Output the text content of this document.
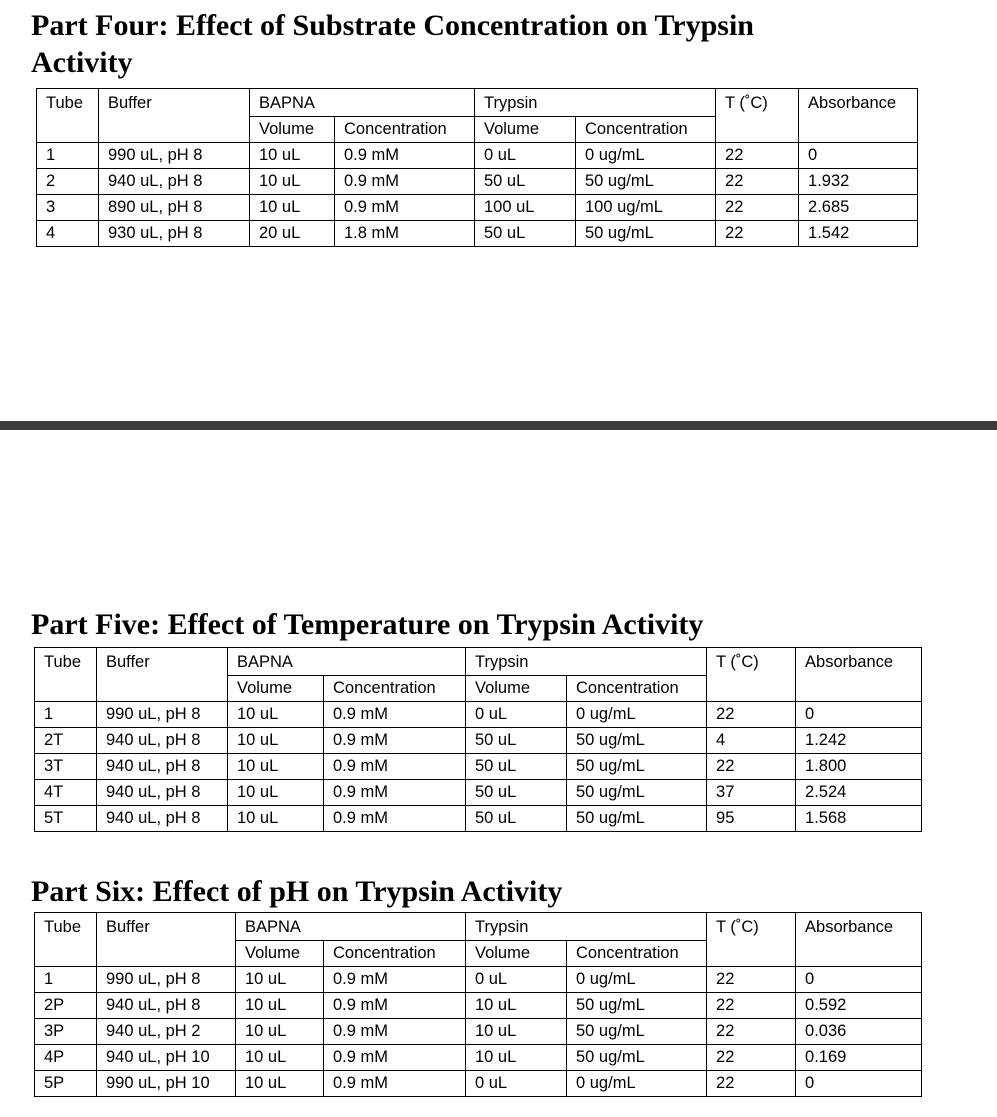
Part Four: Effect of Substrate Concentration on Trypsin
Activity
Tube	Buffer	BAPNA		Trypsin		T (˚C)	Absorbance
		Volume	Concentration	Volume	Concentration		
1	990 uL, pH 8	10 uL	0.9 mM	0 uL	0 ug/mL	22	0
2	940 uL, pH 8	10 uL	0.9 mM	50 uL	50 ug/mL	22	1.932
3	890 uL, pH 8	10 uL	0.9 mM	100 uL	100 ug/mL	22	2.685
4	930 uL, pH 8	20 uL	1.8 mM	50 uL	50 ug/mL	22	1.542
Part Five: Effect of Temperature on Trypsin Activity
Tube	Buffer	BAPNA		Trypsin		T (˚C)	Absorbance
		Volume	Concentration	Volume	Concentration		
1	990 uL, pH 8	10 uL	0.9 mM	0 uL	0 ug/mL	22	0
2T	940 uL, pH 8	10 uL	0.9 mM	50 uL	50 ug/mL	4	1.242
3T	940 uL, pH 8	10 uL	0.9 mM	50 uL	50 ug/mL	22	1.800
4T	940 uL, pH 8	10 uL	0.9 mM	50 uL	50 ug/mL	37	2.524
5T	940 uL, pH 8	10 uL	0.9 mM	50 uL	50 ug/mL	95	1.568
Part Six: Effect of pH on Trypsin Activity
Tube	Buffer	BAPNA		Trypsin		T (˚C)	Absorbance
		Volume	Concentration	Volume	Concentration		
1	990 uL, pH 8	10 uL	0.9 mM	0 uL	0 ug/mL	22	0
2P	940 uL, pH 8	10 uL	0.9 mM	10 uL	50 ug/mL	22	0.592
3P	940 uL, pH 2	10 uL	0.9 mM	10 uL	50 ug/mL	22	0.036
4P	940 uL, pH 10	10 uL	0.9 mM	10 uL	50 ug/mL	22	0.169
5P	990 uL, pH 10	10 uL	0.9 mM	0 uL	0 ug/mL	22	0
